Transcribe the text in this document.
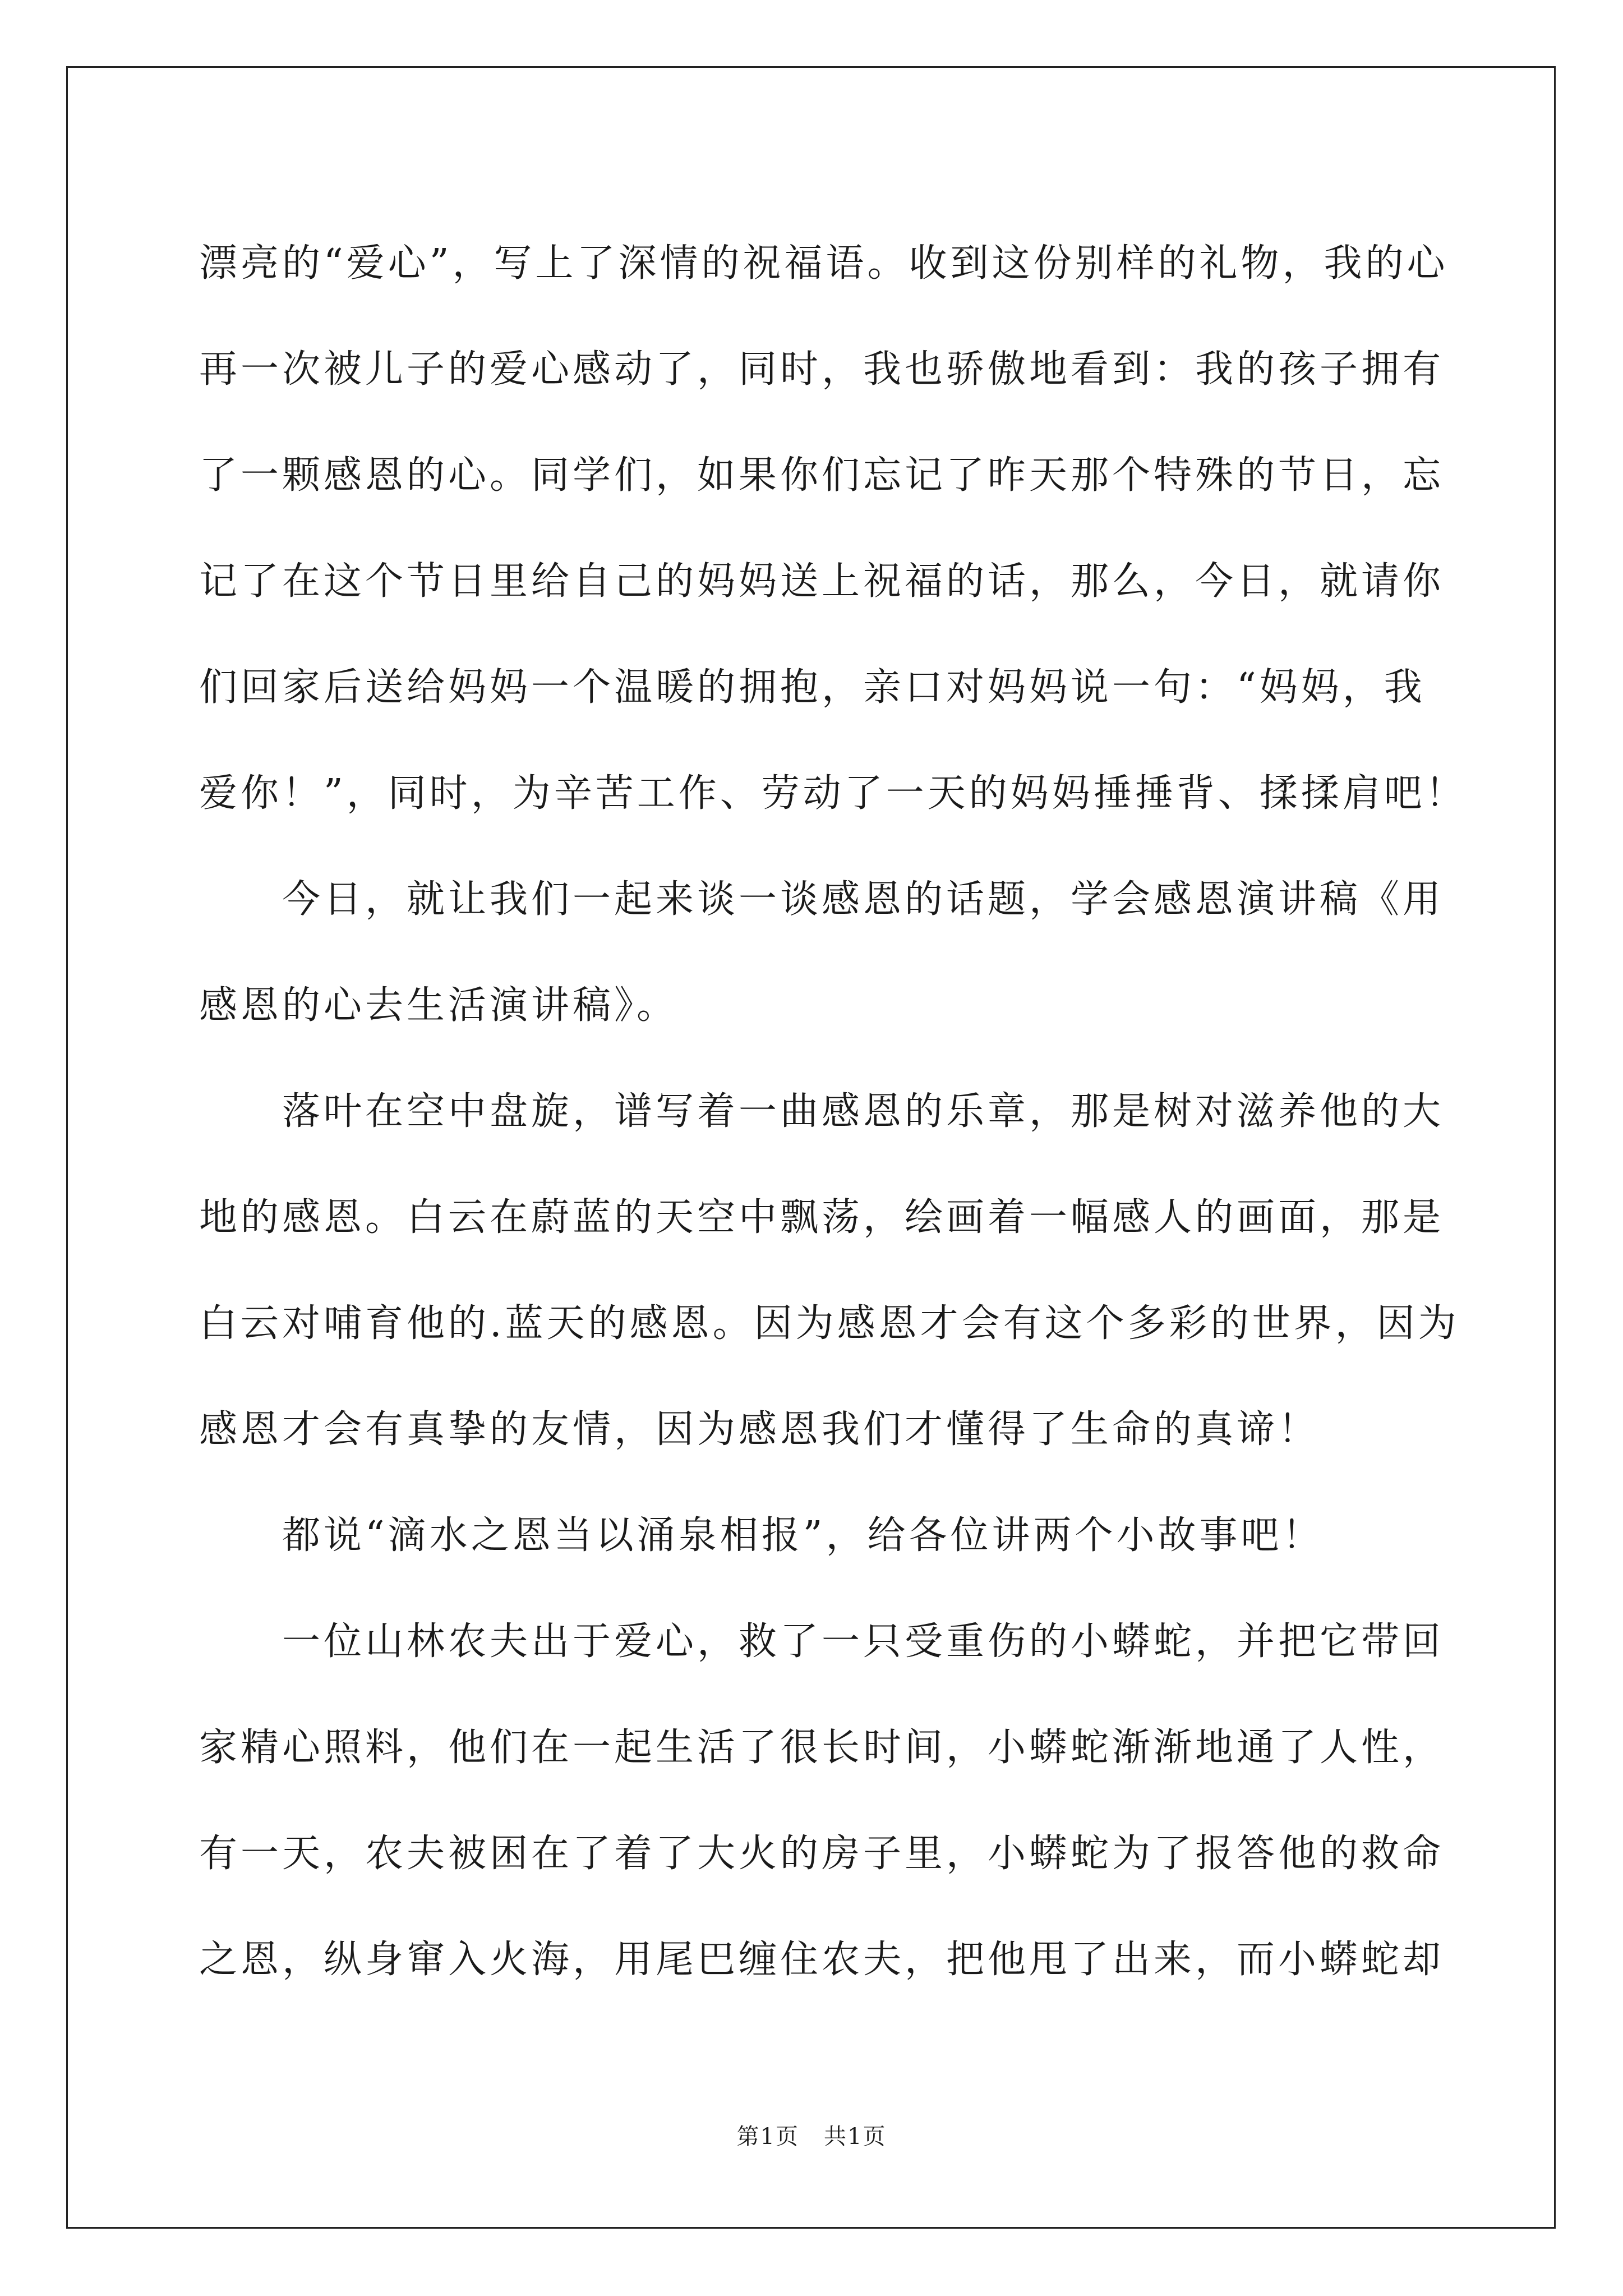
漂亮的“爱心”，写上了深情的祝福语。收到这份别样的礼物，我的心
再一次被儿子的爱心感动了，同时，我也骄傲地看到：我的孩子拥有
了一颗感恩的心。同学们，如果你们忘记了昨天那个特殊的节日，忘
记了在这个节日里给自己的妈妈送上祝福的话，那么，今日，就请你
们回家后送给妈妈一个温暖的拥抱，亲口对妈妈说一句：“妈妈，我
爱你！”，同时，为辛苦工作、劳动了一天的妈妈捶捶背、揉揉肩吧！
今日，就让我们一起来谈一谈感恩的话题，学会感恩演讲稿《用
感恩的心去生活演讲稿》。
落叶在空中盘旋，谱写着一曲感恩的乐章，那是树对滋养他的大
地的感恩。白云在蔚蓝的天空中飘荡，绘画着一幅感人的画面，那是
白云对哺育他的.蓝天的感恩。因为感恩才会有这个多彩的世界，因为
感恩才会有真挚的友情，因为感恩我们才懂得了生命的真谛！
都说“滴水之恩当以涌泉相报”，给各位讲两个小故事吧！
一位山林农夫出于爱心，救了一只受重伤的小蟒蛇，并把它带回
家精心照料，他们在一起生活了很长时间，小蟒蛇渐渐地通了人性，
有一天，农夫被困在了着了大火的房子里，小蟒蛇为了报答他的救命
之恩，纵身窜入火海，用尾巴缠住农夫，把他甩了出来，而小蟒蛇却
第1页 共1页
